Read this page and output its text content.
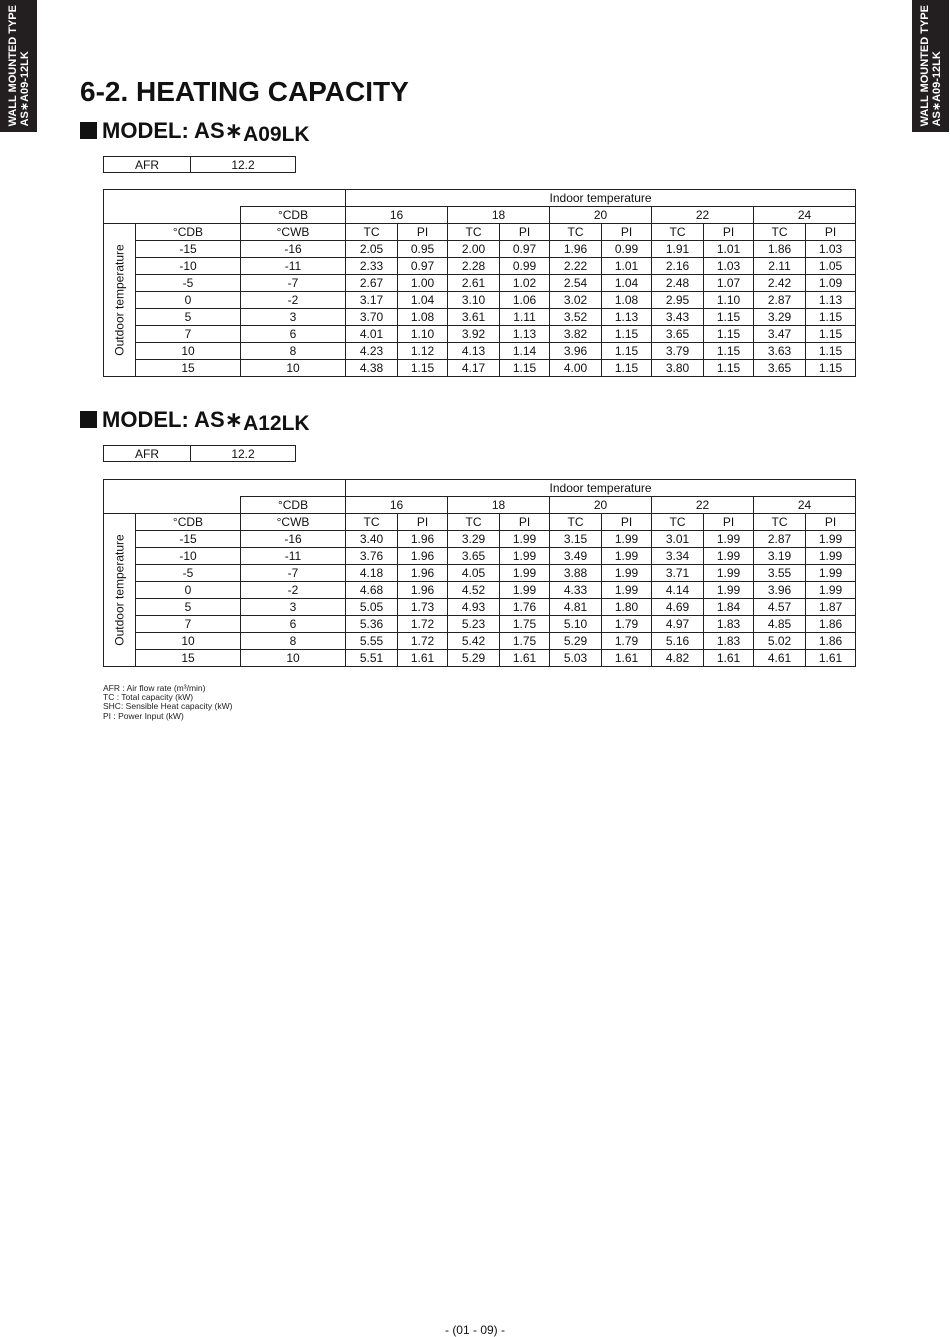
WALL MOUNTED TYPE AS∗A09-12LK	WALL MOUNTED TYPE AS∗A09-12LK
6-2. HEATING CAPACITY
MODEL: AS∗A09LK
AFR	12.2
			Indoor temperature									
		°CDB	16		18		20		22		24	

Outdoor temperature	°CDB	°CWB	TC	PI	TC	PI	TC	PI	TC	PI	TC	PI
	-15	-16	2.05	0.95	2.00	0.97	1.96	0.99	1.91	1.01	1.86	1.03
	-10	-11	2.33	0.97	2.28	0.99	2.22	1.01	2.16	1.03	2.11	1.05
	-5	-7	2.67	1.00	2.61	1.02	2.54	1.04	2.48	1.07	2.42	1.09
	0	-2	3.17	1.04	3.10	1.06	3.02	1.08	2.95	1.10	2.87	1.13
	5	3	3.70	1.08	3.61	1.11	3.52	1.13	3.43	1.15	3.29	1.15
	7	6	4.01	1.10	3.92	1.13	3.82	1.15	3.65	1.15	3.47	1.15
	10	8	4.23	1.12	4.13	1.14	3.96	1.15	3.79	1.15	3.63	1.15
	15	10	4.38	1.15	4.17	1.15	4.00	1.15	3.80	1.15	3.65	1.15
MODEL: AS∗A12LK
AFR	12.2
			Indoor temperature									
		°CDB	16		18		20		22		24	

Outdoor temperature	°CDB	°CWB	TC	PI	TC	PI	TC	PI	TC	PI	TC	PI
	-15	-16	3.40	1.96	3.29	1.99	3.15	1.99	3.01	1.99	2.87	1.99
	-10	-11	3.76	1.96	3.65	1.99	3.49	1.99	3.34	1.99	3.19	1.99
	-5	-7	4.18	1.96	4.05	1.99	3.88	1.99	3.71	1.99	3.55	1.99
	0	-2	4.68	1.96	4.52	1.99	4.33	1.99	4.14	1.99	3.96	1.99
	5	3	5.05	1.73	4.93	1.76	4.81	1.80	4.69	1.84	4.57	1.87
	7	6	5.36	1.72	5.23	1.75	5.10	1.79	4.97	1.83	4.85	1.86
	10	8	5.55	1.72	5.42	1.75	5.29	1.79	5.16	1.83	5.02	1.86
	15	10	5.51	1.61	5.29	1.61	5.03	1.61	4.82	1.61	4.61	1.61
AFR : Air flow rate (m³/min)
TC : Total capacity (kW)
SHC: Sensible Heat capacity (kW)
PI : Power Input (kW)
- (01 - 09) -
